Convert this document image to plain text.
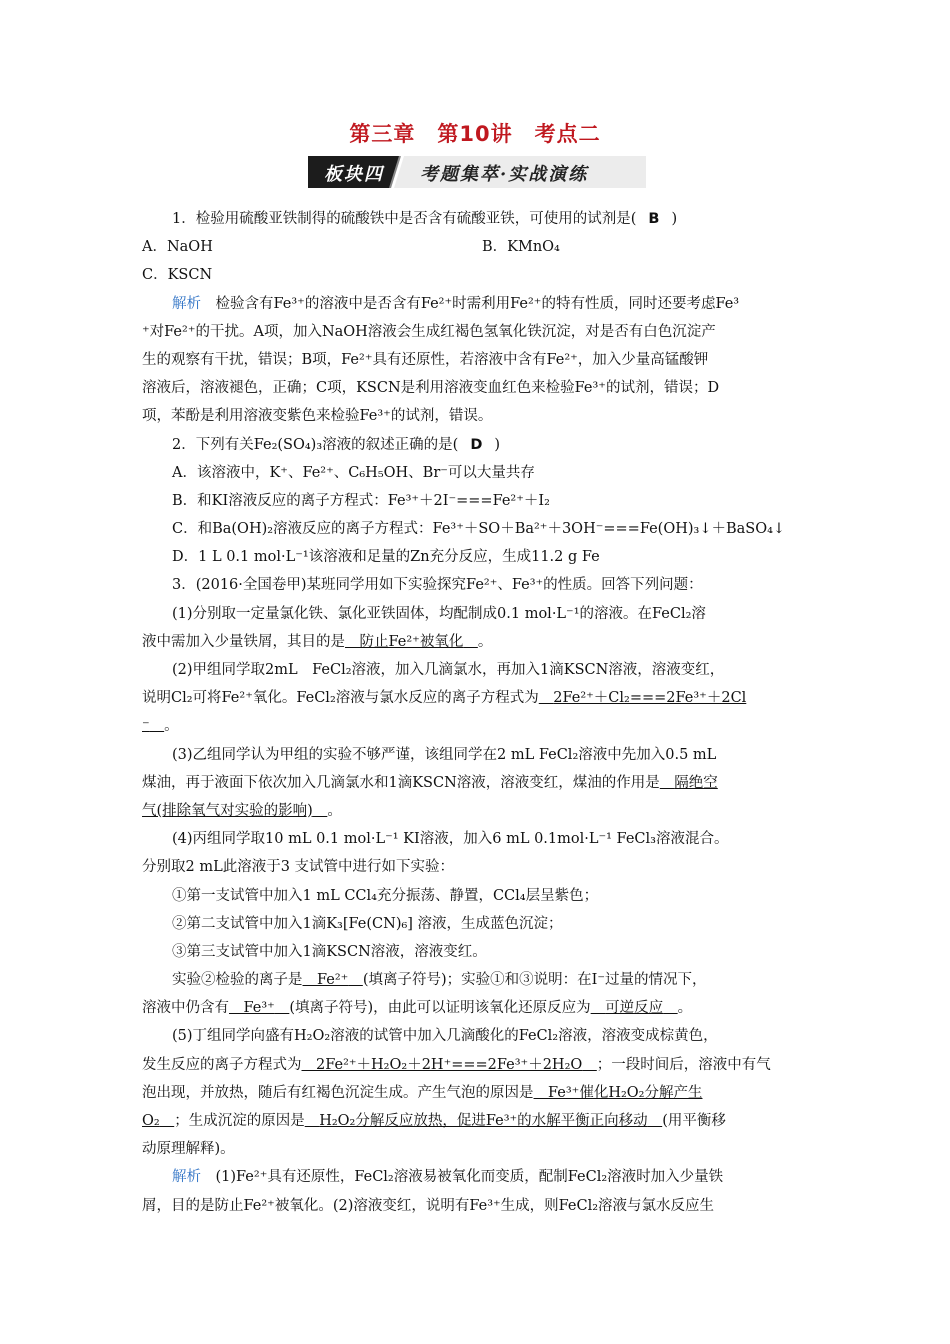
第三章　第10讲　考点二
板块四 考题集萃·实战演练
1．检验用硫酸亚铁制得的硫酸铁中是否含有硫酸亚铁，可使用的试剂是( B )
A．NaOH	B．KMnO₄
C．KSCN
解析　 检验含有Fe³⁺的溶液中是否含有Fe²⁺时需利用Fe²⁺的特有性质，同时还要考虑Fe³
⁺对Fe²⁺的干扰。A项，加入NaOH溶液会生成红褐色氢氧化铁沉淀，对是否有白色沉淀产
生的观察有干扰，错误；B项，Fe²⁺具有还原性，若溶液中含有Fe²⁺，加入少量高锰酸钾
溶液后，溶液褪色，正确；C项，KSCN是利用溶液变血红色来检验Fe³⁺的试剂，错误；D
项，苯酚是利用溶液变紫色来检验Fe³⁺的试剂，错误。
2．下列有关Fe₂(SO₄)₃溶液的叙述正确的是( D )
A．该溶液中，K⁺、Fe²⁺、C₆H₅OH、Br⁻可以大量共存
B．和KI溶液反应的离子方程式：Fe³⁺＋2I⁻===Fe²⁺＋I₂
C．和Ba(OH)₂溶液反应的离子方程式：Fe³⁺＋SO＋Ba²⁺＋3OH⁻===Fe(OH)₃↓＋BaSO₄↓
D．1 L 0.1 mol·L⁻¹该溶液和足量的Zn充分反应，生成11.2 g Fe
3．(2016·全国卷甲)某班同学用如下实验探究Fe²⁺、Fe³⁺的性质。回答下列问题：
(1)分别取一定量氯化铁、氯化亚铁固体，均配制成0.1 mol·L⁻¹的溶液。在FeCl₂溶
液中需加入少量铁屑，其目的是　 防止Fe²⁺被氧化　 。
(2)甲组同学取2mL　FeCl₂溶液，加入几滴氯水，再加入1滴KSCN溶液，溶液变红，
说明Cl₂可将Fe²⁺氧化。FeCl₂溶液与氯水反应的离子方程式为　 2Fe²⁺＋Cl₂===2Fe³⁺＋2Cl
⁻　 。
(3)乙组同学认为甲组的实验不够严谨，该组同学在2 mL FeCl₂溶液中先加入0.5 mL
煤油，再于液面下依次加入几滴氯水和1滴KSCN溶液，溶液变红，煤油的作用是　 隔绝空
气(排除氧气对实验的影响)　 。
(4)丙组同学取10 mL 0.1 mol·L⁻¹ KI溶液，加入6 mL 0.1mol·L⁻¹ FeCl₃溶液混合。
分别取2 mL此溶液于3 支试管中进行如下实验：
①第一支试管中加入1 mL CCl₄充分振荡、静置，CCl₄层呈紫色；
②第二支试管中加入1滴K₃[Fe(CN)₆] 溶液，生成蓝色沉淀；
③第三支试管中加入1滴KSCN溶液，溶液变红。
实验②检验的离子是　 Fe²⁺　 (填离子符号)；实验①和③说明：在I⁻过量的情况下，
溶液中仍含有　 Fe³⁺　 (填离子符号)，由此可以证明该氧化还原反应为　 可逆反应　 。
(5)丁组同学向盛有H₂O₂溶液的试管中加入几滴酸化的FeCl₂溶液，溶液变成棕黄色，
发生反应的离子方程式为　 2Fe²⁺＋H₂O₂＋2H⁺===2Fe³⁺＋2H₂O　 ；一段时间后，溶液中有气
泡出现，并放热，随后有红褐色沉淀生成。产生气泡的原因是　 Fe³⁺催化H₂O₂分解产生
O₂　 ；生成沉淀的原因是　 H₂O₂分解反应放热，促进Fe³⁺的水解平衡正向移动　 (用平衡移
动原理解释)。
解析　 (1)Fe²⁺具有还原性，FeCl₂溶液易被氧化而变质，配制FeCl₂溶液时加入少量铁
屑，目的是防止Fe²⁺被氧化。(2)溶液变红，说明有Fe³⁺生成，则FeCl₂溶液与氯水反应生
